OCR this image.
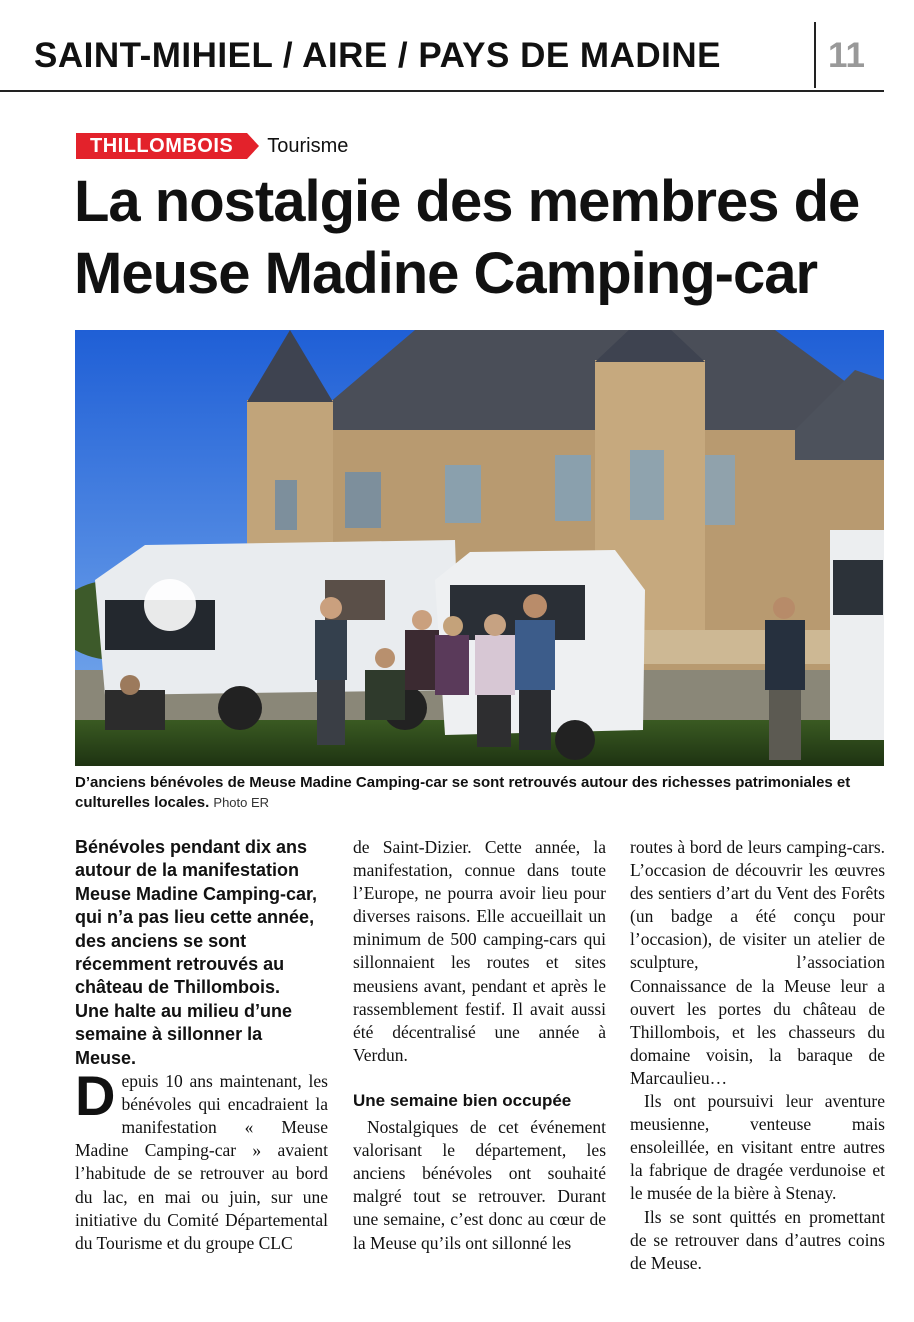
SAINT-MIHIEL / AIRE / PAYS DE MADINE	11
THILLOMBOIS	Tourisme
La nostalgie des membres de
Meuse Madine Camping-car
D’anciens bénévoles de Meuse Madine Camping-car se sont retrouvés autour des richesses patrimoniales et culturelles locales. Photo ER

Bénévoles pendant dix ans autour de la manifestation Meuse Madine Camping-car, qui n’a pas lieu cette année, des anciens se sont récemment retrouvés au château de Thillombois.
Une halte au milieu d’une semaine à sillonner la Meuse.

Depuis 10 ans maintenant, les bénévoles qui encadraient la manifestation « Meuse Madine Camping-car » avaient l’habitude de se retrouver au bord du lac, en mai ou juin, sur une initiative du Comité Départemental du Tourisme et du groupe CLC

de Saint-Dizier. Cette année, la manifestation, connue dans toute l’Europe, ne pourra avoir lieu pour diverses raisons. Elle accueillait un minimum de 500 camping-cars qui sillonnaient les routes et sites meusiens avant, pendant et après le rassemblement festif. Il avait aussi été décentralisé une année à Verdun.

Une semaine bien occupée

Nostalgiques de cet événement valorisant le département, les anciens bénévoles ont souhaité malgré tout se retrouver. Durant une semaine, c’est donc au cœur de la Meuse qu’ils ont sillonné les

routes à bord de leurs camping-cars. L’occasion de découvrir les œuvres des sentiers d’art du Vent des Forêts (un badge a été conçu pour l’occasion), de visiter un atelier de sculpture, l’association Connaissance de la Meuse leur a ouvert les portes du château de Thillombois, et les chasseurs du domaine voisin, la baraque de Marcaulieu…

Ils ont poursuivi leur aventure meusienne, venteuse mais ensoleillée, en visitant entre autres la fabrique de dragée verdunoise et le musée de la bière à Stenay.

Ils se sont quittés en promettant de se retrouver dans d’autres coins de Meuse.
